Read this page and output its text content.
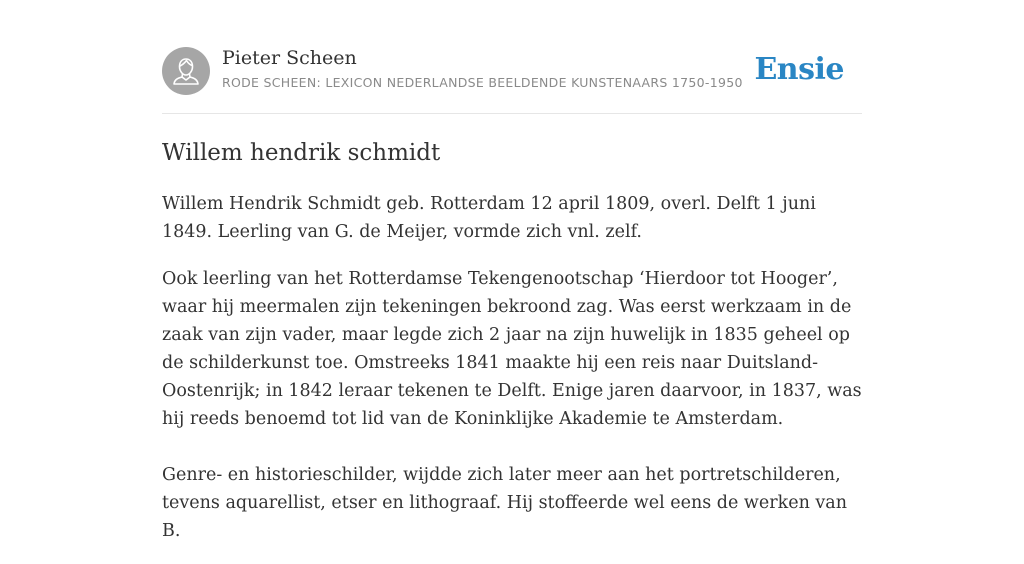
Pieter Scheen
RODE SCHEEN: LEXICON NEDERLANDSE BEELDENDE KUNSTENAARS 1750-1950 Ensie
Willem hendrik schmidt

Willem Hendrik Schmidt geb. Rotterdam 12 april 1809, overl. Delft 1 juni 1849. Leerling van G. de Meijer, vormde zich vnl. zelf.

Ook leerling van het Rotterdamse Tekengenootschap ‘Hierdoor tot Hooger’, waar hij meermalen zijn tekeningen bekroond zag. Was eerst werkzaam in de zaak van zijn vader, maar legde zich 2 jaar na zijn huwelijk in 1835 geheel op de schilderkunst toe. Omstreeks 1841 maakte hij een reis naar Duitsland-Oostenrijk; in 1842 leraar tekenen te Delft. Enige jaren daarvoor, in 1837, was hij reeds benoemd tot lid van de Koninklijke Akademie te Amsterdam.

Genre- en historieschilder, wijdde zich later meer aan het portretschilderen, tevens aquarellist, etser en lithograaf. Hij stoffeerde wel eens de werken van B.
